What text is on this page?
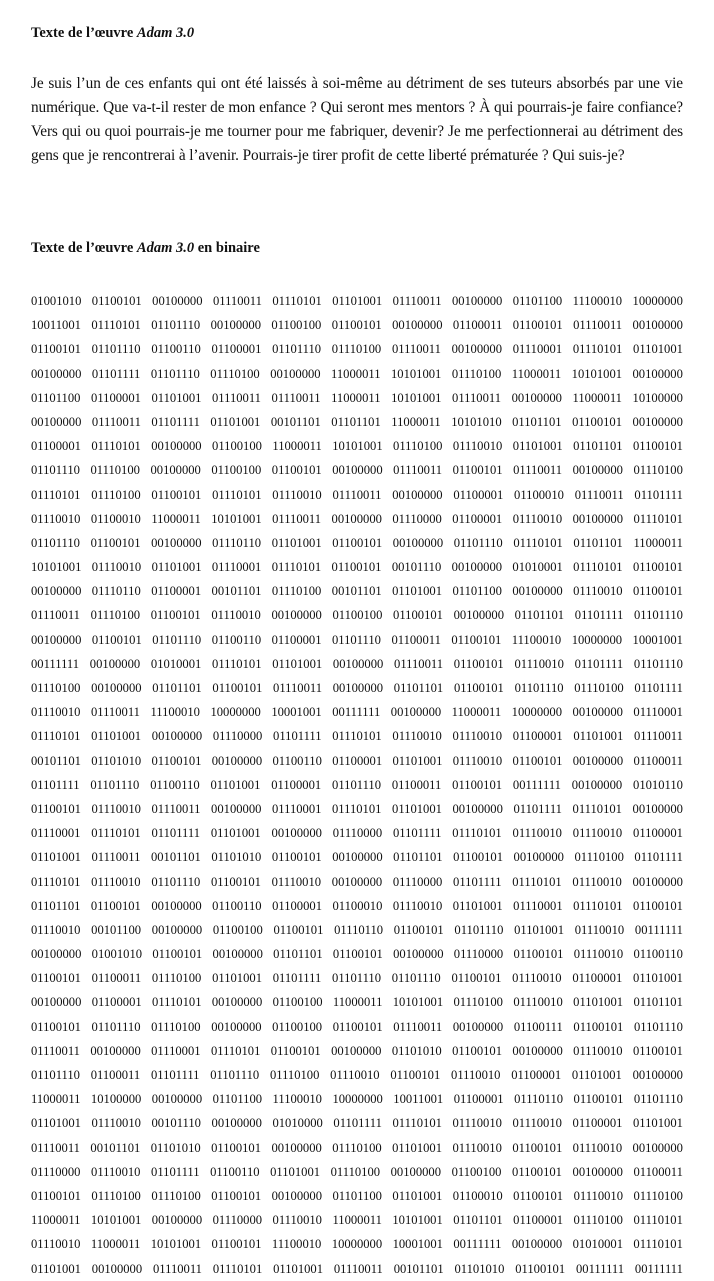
Texte de l’œuvre Adam 3.0

Je suis l’un de ces enfants qui ont été laissés à soi-même au détriment de ses tuteurs absorbés par une vie numérique. Que va-t-il rester de mon enfance ? Qui seront mes mentors ? À qui pourrais-je faire confiance? Vers qui ou quoi pourrais-je me tourner pour me fabriquer, devenir? Je me perfectionnerai au détriment des gens que je rencontrerai à l’avenir. Pourrais-je tirer profit de cette liberté prématurée ? Qui suis-je?

Texte de l’œuvre Adam 3.0 en binaire

01001010 01100101 00100000 01110011 01110101 01101001 01110011 00100000 01101100 11100010 10000000
10011001 01110101 01101110 00100000 01100100 01100101 00100000 01100011 01100101 01110011 00100000
01100101 01101110 01100110 01100001 01101110 01110100 01110011 00100000 01110001 01110101 01101001
00100000 01101111 01101110 01110100 00100000 11000011 10101001 01110100 11000011 10101001 00100000
01101100 01100001 01101001 01110011 01110011 11000011 10101001 01110011 00100000 11000011 10100000
00100000 01110011 01101111 01101001 00101101 01101101 11000011 10101010 01101101 01100101 00100000
01100001 01110101 00100000 01100100 11000011 10101001 01110100 01110010 01101001 01101101 01100101
01101110 01110100 00100000 01100100 01100101 00100000 01110011 01100101 01110011 00100000 01110100
01110101 01110100 01100101 01110101 01110010 01110011 00100000 01100001 01100010 01110011 01101111
01110010 01100010 11000011 10101001 01110011 00100000 01110000 01100001 01110010 00100000 01110101
01101110 01100101 00100000 01110110 01101001 01100101 00100000 01101110 01110101 01101101 11000011
10101001 01110010 01101001 01110001 01110101 01100101 00101110 00100000 01010001 01110101 01100101
00100000 01110110 01100001 00101101 01110100 00101101 01101001 01101100 00100000 01110010 01100101
01110011 01110100 01100101 01110010 00100000 01100100 01100101 00100000 01101101 01101111 01101110
00100000 01100101 01101110 01100110 01100001 01101110 01100011 01100101 11100010 10000000 10001001
00111111 00100000 01010001 01110101 01101001 00100000 01110011 01100101 01110010 01101111 01101110
01110100 00100000 01101101 01100101 01110011 00100000 01101101 01100101 01101110 01110100 01101111
01110010 01110011 11100010 10000000 10001001 00111111 00100000 11000011 10000000 00100000 01110001
01110101 01101001 00100000 01110000 01101111 01110101 01110010 01110010 01100001 01101001 01110011
00101101 01101010 01100101 00100000 01100110 01100001 01101001 01110010 01100101 00100000 01100011
01101111 01101110 01100110 01101001 01100001 01101110 01100011 01100101 00111111 00100000 01010110
01100101 01110010 01110011 00100000 01110001 01110101 01101001 00100000 01101111 01110101 00100000
01110001 01110101 01101111 01101001 00100000 01110000 01101111 01110101 01110010 01110010 01100001
01101001 01110011 00101101 01101010 01100101 00100000 01101101 01100101 00100000 01110100 01101111
01110101 01110010 01101110 01100101 01110010 00100000 01110000 01101111 01110101 01110010 00100000
01101101 01100101 00100000 01100110 01100001 01100010 01110010 01101001 01110001 01110101 01100101
01110010 00101100 00100000 01100100 01100101 01110110 01100101 01101110 01101001 01110010 00111111
00100000 01001010 01100101 00100000 01101101 01100101 00100000 01110000 01100101 01110010 01100110
01100101 01100011 01110100 01101001 01101111 01101110 01101110 01100101 01110010 01100001 01101001
00100000 01100001 01110101 00100000 01100100 11000011 10101001 01110100 01110010 01101001 01101101
01100101 01101110 01110100 00100000 01100100 01100101 01110011 00100000 01100111 01100101 01101110
01110011 00100000 01110001 01110101 01100101 00100000 01101010 01100101 00100000 01110010 01100101
01101110 01100011 01101111 01101110 01110100 01110010 01100101 01110010 01100001 01101001 00100000
11000011 10100000 00100000 01101100 11100010 10000000 10011001 01100001 01110110 01100101 01101110
01101001 01110010 00101110 00100000 01010000 01101111 01110101 01110010 01110010 01100001 01101001
01110011 00101101 01101010 01100101 00100000 01110100 01101001 01110010 01100101 01110010 00100000
01110000 01110010 01101111 01100110 01101001 01110100 00100000 01100100 01100101 00100000 01100011
01100101 01110100 01110100 01100101 00100000 01101100 01101001 01100010 01100101 01110010 01110100
11000011 10101001 00100000 01110000 01110010 11000011 10101001 01101101 01100001 01110100 01110101
01110010 11000011 10101001 01100101 11100010 10000000 10001001 00111111 00100000 01010001 01110101
01101001 00100000 01110011 01110101 01101001 01110011 00101101 01101010 01100101 00111111 00111111
